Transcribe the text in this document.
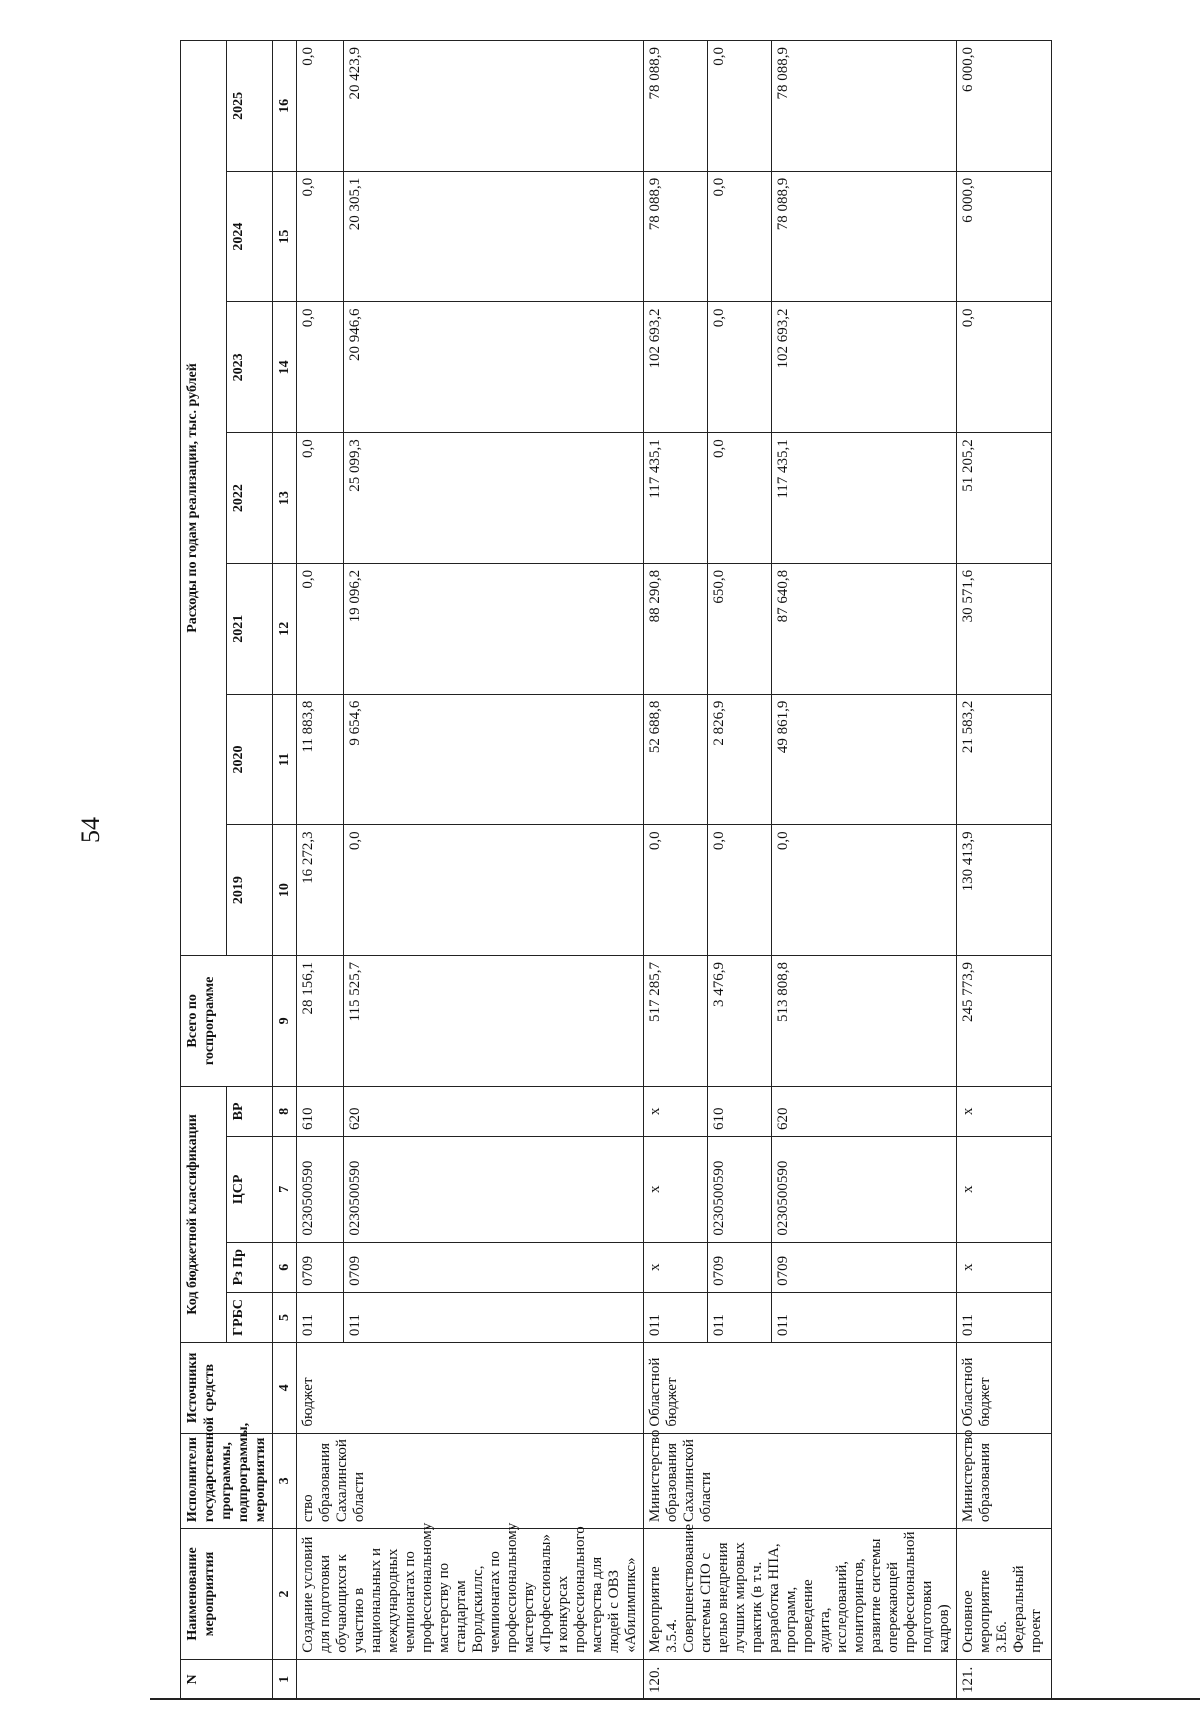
54
N	Наименование мероприятия	Исполнители государственной программы, подпрограммы, мероприятия	Источники средств	Код бюджетной классификации				Всего по госпрограмме	Расходы по годам реализации, тыс. рублей						
				ГРБС	Рз Пр	ЦСР	ВР		2019	2020	2021	2022	2023	2024	2025
1	2	3	4	5	6	7	8	9	10	11	12	13	14	15	16
	Создание условий для подготовки обучающихся к участию в национальных и международных чемпионатах по профессиональному мастерству по стандартам Ворлдскиллс, чемпионатах по профессиональному мастерству «Профессионалы» и конкурсах профессионального мастерства для людей с ОВЗ «Абилимпикс»	ство образования Сахалинской области	бюджет	011	0709	0230500590	610	28 156,1	16 272,3	11 883,8	0,0	0,0	0,0	0,0	0,0
				011	0709	0230500590	620	115 525,7	0,0	9 654,6	19 096,2	25 099,3	20 946,6	20 305,1	20 423,9
120.	Мероприятие 3.5.4. Совершенствование системы СПО с целью внедрения лучших мировых практик (в т.ч. разработка НПА, программ, проведение аудита, исследований, мониторингов, развитие системы опережающей профессиональной подготовки кадров)	Министерство образования Сахалинской области	Областной бюджет	011	x	x	x	517 285,7	0,0	52 688,8	88 290,8	117 435,1	102 693,2	78 088,9	78 088,9
				011	0709	0230500590	610	3 476,9	0,0	2 826,9	650,0	0,0	0,0	0,0	0,0
				011	0709	0230500590	620	513 808,8	0,0	49 861,9	87 640,8	117 435,1	102 693,2	78 088,9	78 088,9
121.	Основное мероприятие 3.Е6. Федеральный проект	Министерство образования	Областной бюджет	011	x	x	x	245 773,9	130 413,9	21 583,2	30 571,6	51 205,2	0,0	6 000,0	6 000,0
